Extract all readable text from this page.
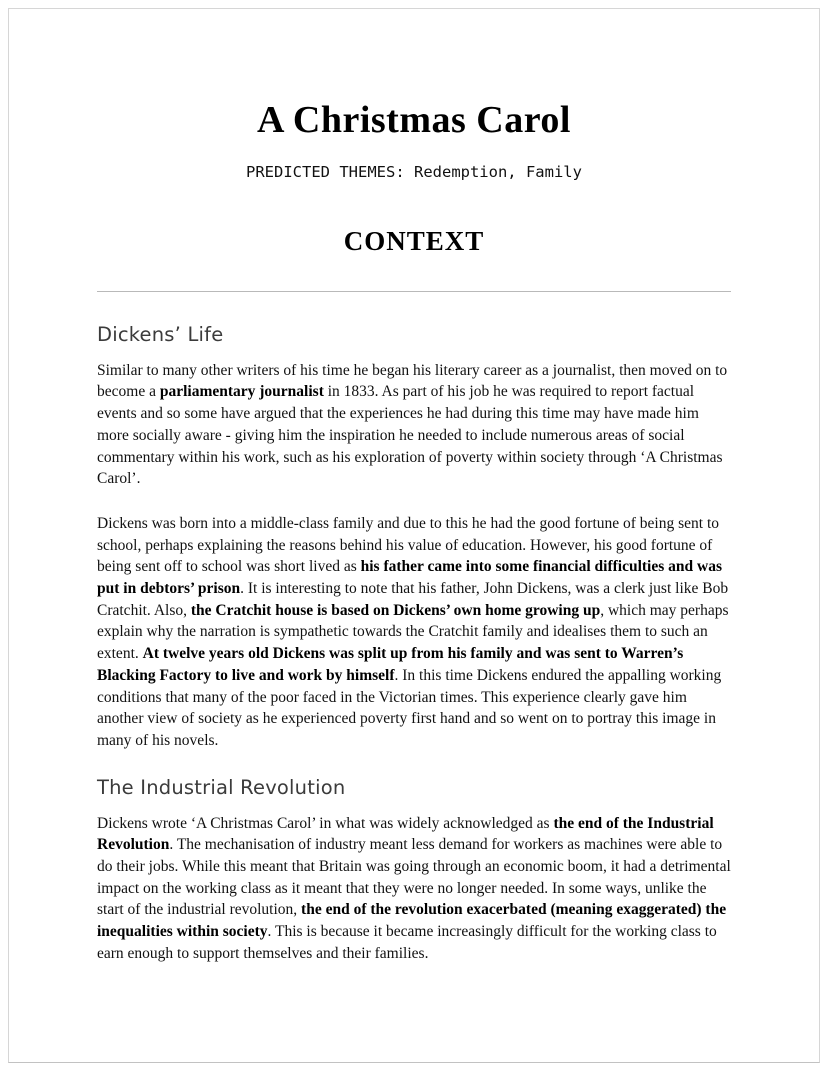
A Christmas Carol

PREDICTED THEMES: Redemption, Family

CONTEXT
Dickens’ Life

Similar to many other writers of his time he began his literary career as a journalist, then moved on to become a parliamentary journalist in 1833. As part of his job he was required to report factual events and so some have argued that the experiences he had during this time may have made him more socially aware - giving him the inspiration he needed to include numerous areas of social commentary within his work, such as his exploration of poverty within society through ‘A Christmas Carol’.

Dickens was born into a middle-class family and due to this he had the good fortune of being sent to school, perhaps explaining the reasons behind his value of education. However, his good fortune of being sent off to school was short lived as his father came into some financial difficulties and was put in debtors’ prison. It is interesting to note that his father, John Dickens, was a clerk just like Bob Cratchit. Also, the Cratchit house is based on Dickens’ own home growing up, which may perhaps explain why the narration is sympathetic towards the Cratchit family and idealises them to such an extent. At twelve years old Dickens was split up from his family and was sent to Warren’s Blacking Factory to live and work by himself. In this time Dickens endured the appalling working conditions that many of the poor faced in the Victorian times. This experience clearly gave him another view of society as he experienced poverty first hand and so went on to portray this image in many of his novels.

The Industrial Revolution

Dickens wrote ‘A Christmas Carol’ in what was widely acknowledged as the end of the Industrial Revolution. The mechanisation of industry meant less demand for workers as machines were able to do their jobs. While this meant that Britain was going through an economic boom, it had a detrimental impact on the working class as it meant that they were no longer needed. In some ways, unlike the start of the industrial revolution, the end of the revolution exacerbated (meaning exaggerated) the inequalities within society. This is because it became increasingly difficult for the working class to earn enough to support themselves and their families.
